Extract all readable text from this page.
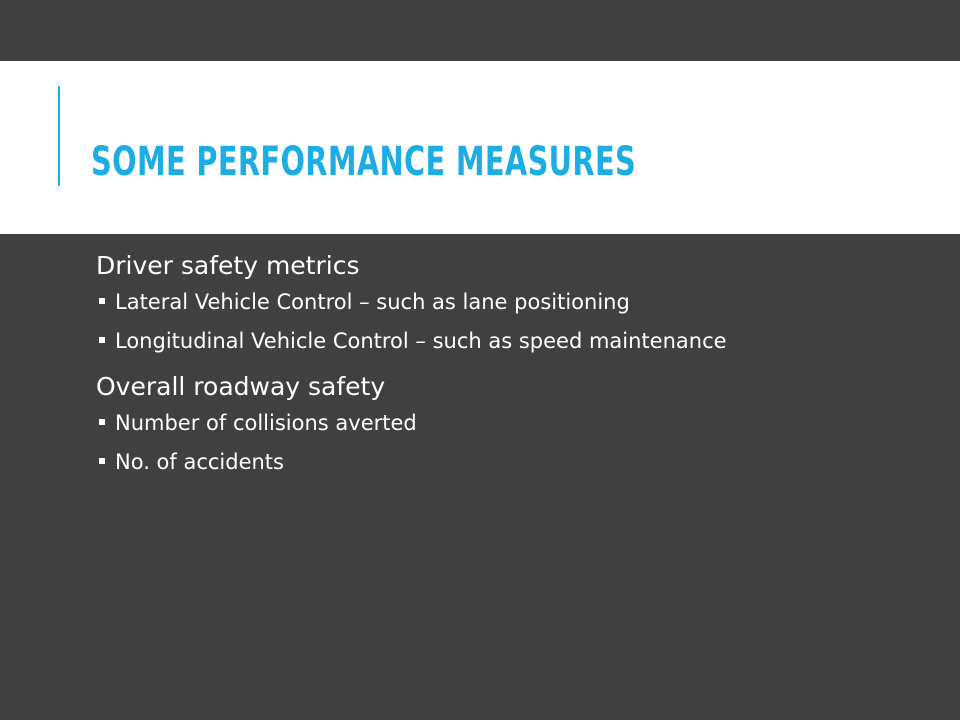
SOME PERFORMANCE MEASURES
Driver safety metrics
Lateral Vehicle Control – such as lane positioning
Longitudinal Vehicle Control – such as speed maintenance
Overall roadway safety
Number of collisions averted
No. of accidents
